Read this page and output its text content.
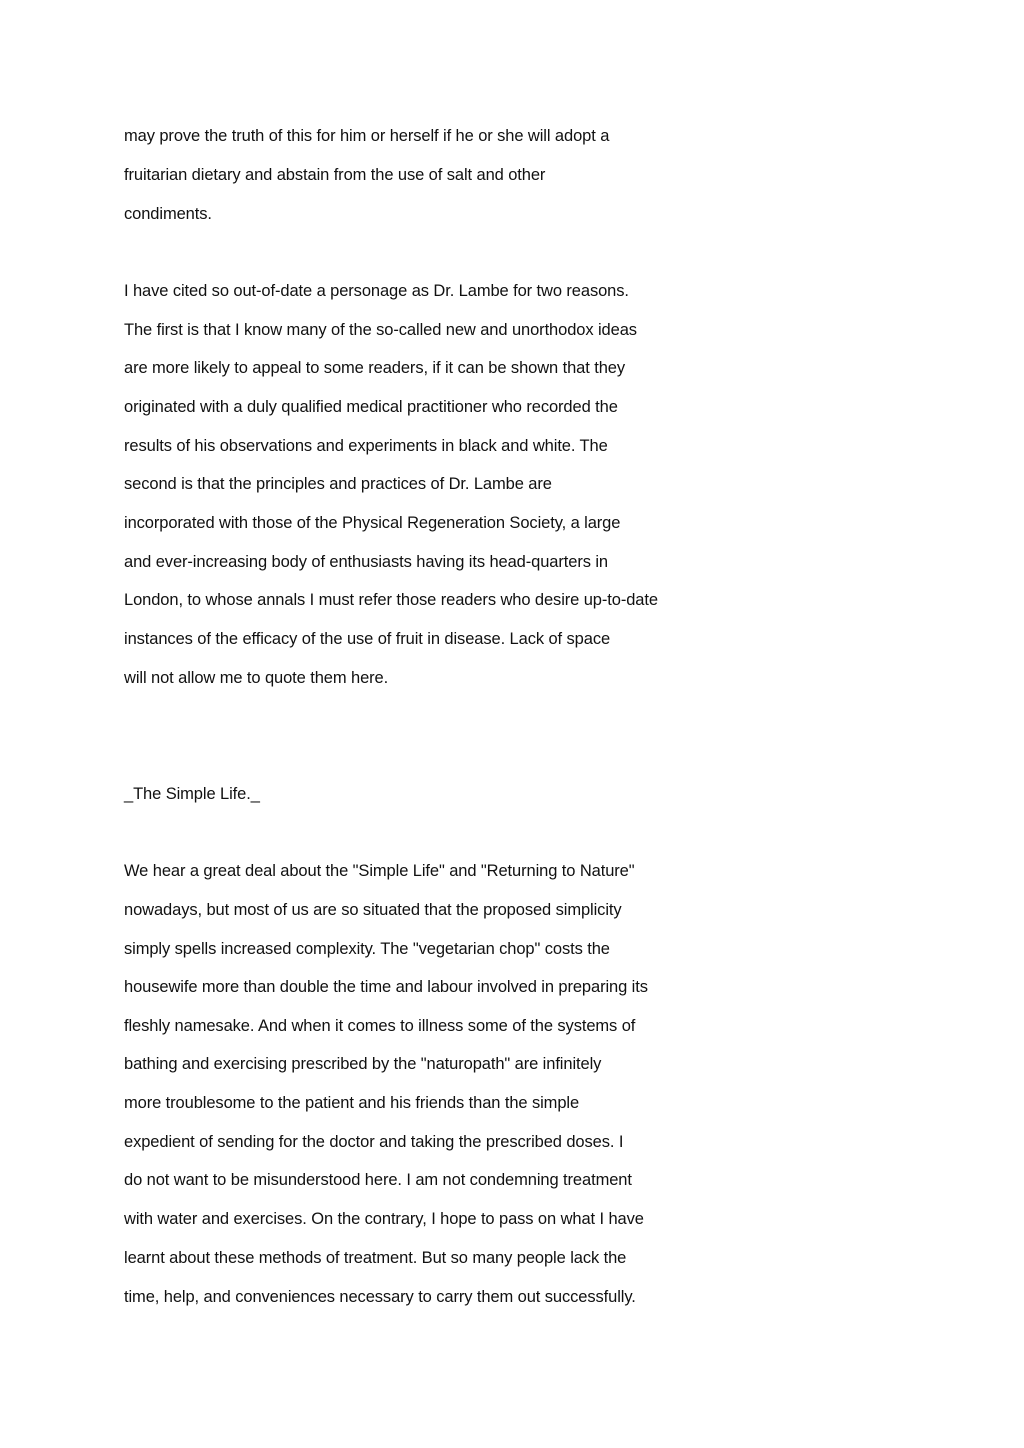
may prove the truth of this for him or herself if he or she will adopt a
fruitarian dietary and abstain from the use of salt and other
condiments.
I have cited so out-of-date a personage as Dr. Lambe for two reasons.
The first is that I know many of the so-called new and unorthodox ideas
are more likely to appeal to some readers, if it can be shown that they
originated with a duly qualified medical practitioner who recorded the
results of his observations and experiments in black and white. The
second is that the principles and practices of Dr. Lambe are
incorporated with those of the Physical Regeneration Society, a large
and ever-increasing body of enthusiasts having its head-quarters in
London, to whose annals I must refer those readers who desire up-to-date
instances of the efficacy of the use of fruit in disease. Lack of space
will not allow me to quote them here.
_The Simple Life._
We hear a great deal about the "Simple Life" and "Returning to Nature"
nowadays, but most of us are so situated that the proposed simplicity
simply spells increased complexity. The "vegetarian chop" costs the
housewife more than double the time and labour involved in preparing its
fleshly namesake. And when it comes to illness some of the systems of
bathing and exercising prescribed by the "naturopath" are infinitely
more troublesome to the patient and his friends than the simple
expedient of sending for the doctor and taking the prescribed doses. I
do not want to be misunderstood here. I am not condemning treatment
with water and exercises. On the contrary, I hope to pass on what I have
learnt about these methods of treatment. But so many people lack the
time, help, and conveniences necessary to carry them out successfully.
